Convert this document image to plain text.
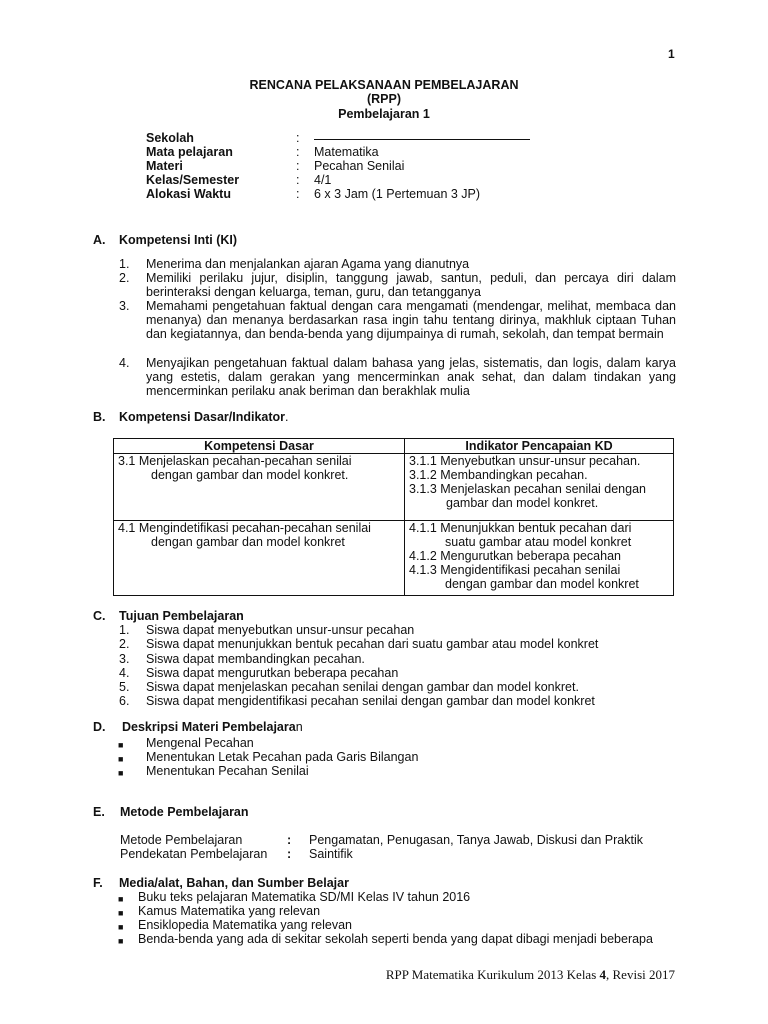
1
RENCANA PELAKSANAAN PEMBELAJARAN
(RPP)
Pembelajaran 1
Sekolah	:
Mata pelajaran	: Matematika
Materi	: Pecahan Senilai
Kelas/Semester	: 4/1
Alokasi Waktu	: 6 x 3 Jam (1 Pertemuan 3 JP)
A. Kompetensi Inti (KI)
1. Menerima dan menjalankan ajaran Agama yang dianutnya
2. Memiliki perilaku jujur, disiplin, tanggung jawab, santun, peduli, dan percaya diri dalam berinteraksi dengan keluarga, teman, guru, dan tetangganya
3. Memahami pengetahuan faktual dengan cara mengamati (mendengar, melihat, membaca dan menanya) dan menanya berdasarkan rasa ingin tahu tentang dirinya, makhluk ciptaan Tuhan dan kegiatannya, dan benda-benda yang dijumpainya di rumah, sekolah, dan tempat bermain
4. Menyajikan pengetahuan faktual dalam bahasa yang jelas, sistematis, dan logis, dalam karya yang estetis, dalam gerakan yang mencerminkan anak sehat, dan dalam tindakan yang mencerminkan perilaku anak beriman dan berakhlak mulia
B. Kompetensi Dasar/Indikator.
Kompetensi Dasar	Indikator Pencapaian KD

3.1 Menjelaskan pecahan-pecahan senilai
dengan gambar dan model konkret.	3.1.1 Menyebutkan unsur-unsur pecahan.
3.1.2 Membandingkan pecahan.
3.1.3 Menjelaskan pecahan senilai dengan
gambar dan model konkret.

4.1 Mengindetifikasi pecahan-pecahan senilai
dengan gambar dan model konkret	4.1.1 Menunjukkan bentuk pecahan dari
suatu gambar atau model konkret
4.1.2 Mengurutkan beberapa pecahan
4.1.3 Mengidentifikasi pecahan senilai
dengan gambar dan model konkret
C. Tujuan Pembelajaran
1. Siswa dapat menyebutkan unsur-unsur pecahan
2. Siswa dapat menunjukkan bentuk pecahan dari suatu gambar atau model konkret
3. Siswa dapat membandingkan pecahan.
4. Siswa dapat mengurutkan beberapa pecahan
5. Siswa dapat menjelaskan pecahan senilai dengan gambar dan model konkret.
6. Siswa dapat mengidentifikasi pecahan senilai dengan gambar dan model konkret
D. Deskripsi Materi Pembelajaran
■ Mengenal Pecahan
■ Menentukan Letak Pecahan pada Garis Bilangan
■ Menentukan Pecahan Senilai
E. Metode Pembelajaran
Metode Pembelajaran	: Pengamatan, Penugasan, Tanya Jawab, Diskusi dan Praktik
Pendekatan Pembelajaran : Saintifik
F. Media/alat, Bahan, dan Sumber Belajar
■ Buku teks pelajaran Matematika SD/MI Kelas IV tahun 2016
■ Kamus Matematika yang relevan
■ Ensiklopedia Matematika yang relevan
■ Benda-benda yang ada di sekitar sekolah seperti benda yang dapat dibagi menjadi beberapa
RPP Matematika Kurikulum 2013 Kelas 4, Revisi 2017
